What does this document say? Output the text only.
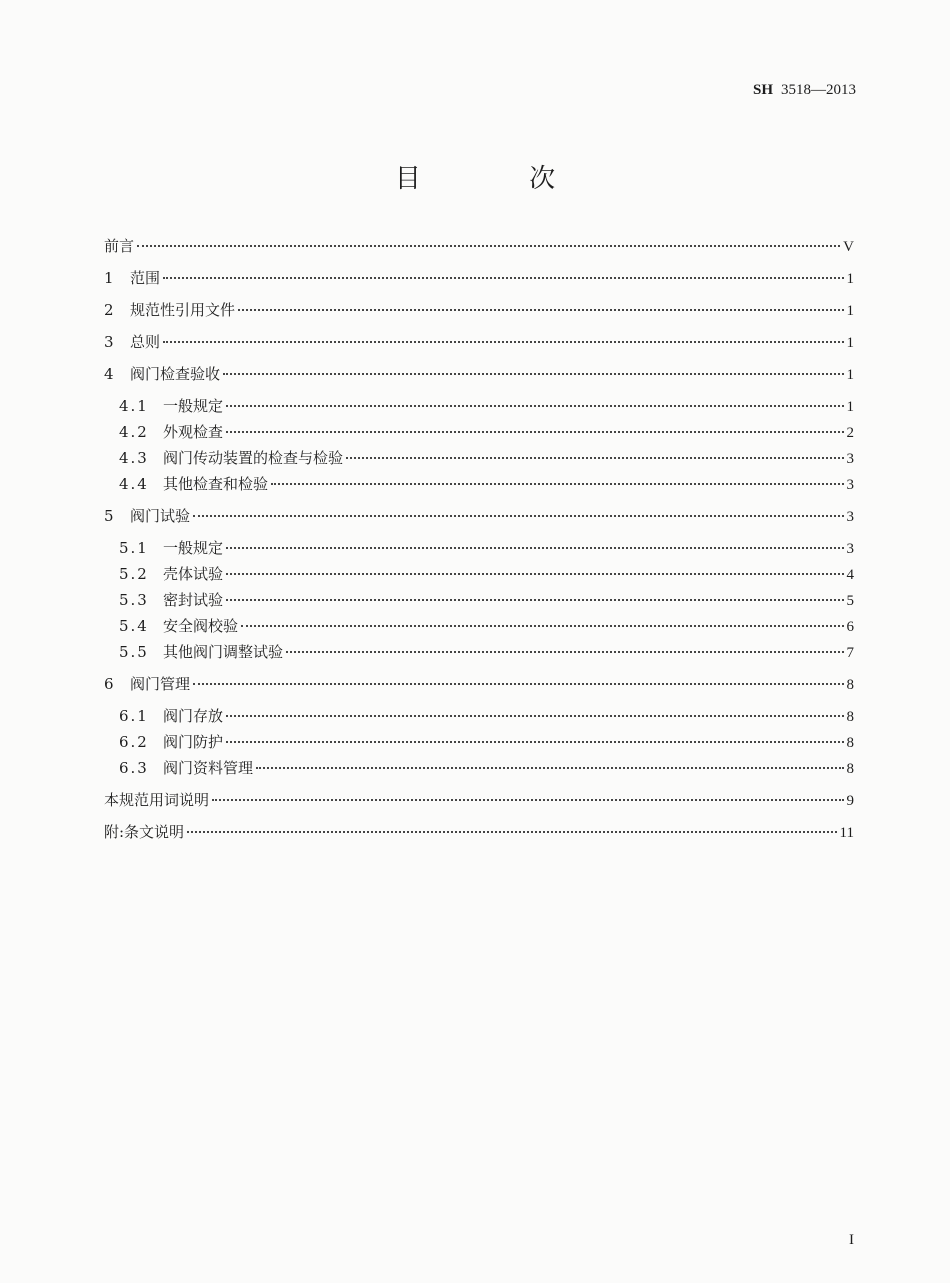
SH 3518—2013
目 次
前言	V
1	范围	1
2	规范性引用文件	1
3	总则	1
4	阀门检查验收	1
4.1 一般规定	1
4.2 外观检查	2
4.3 阀门传动装置的检查与检验	3
4.4 其他检查和检验	3
5	阀门试验	3
5.1 一般规定	3
5.2 壳体试验	4
5.3 密封试验	5
5.4 安全阀校验	6
5.5 其他阀门调整试验	7
6	阀门管理	8
6.1 阀门存放	8
6.2 阀门防护	8
6.3 阀门资料管理	8
本规范用词说明	9
附:条文说明	11
I
